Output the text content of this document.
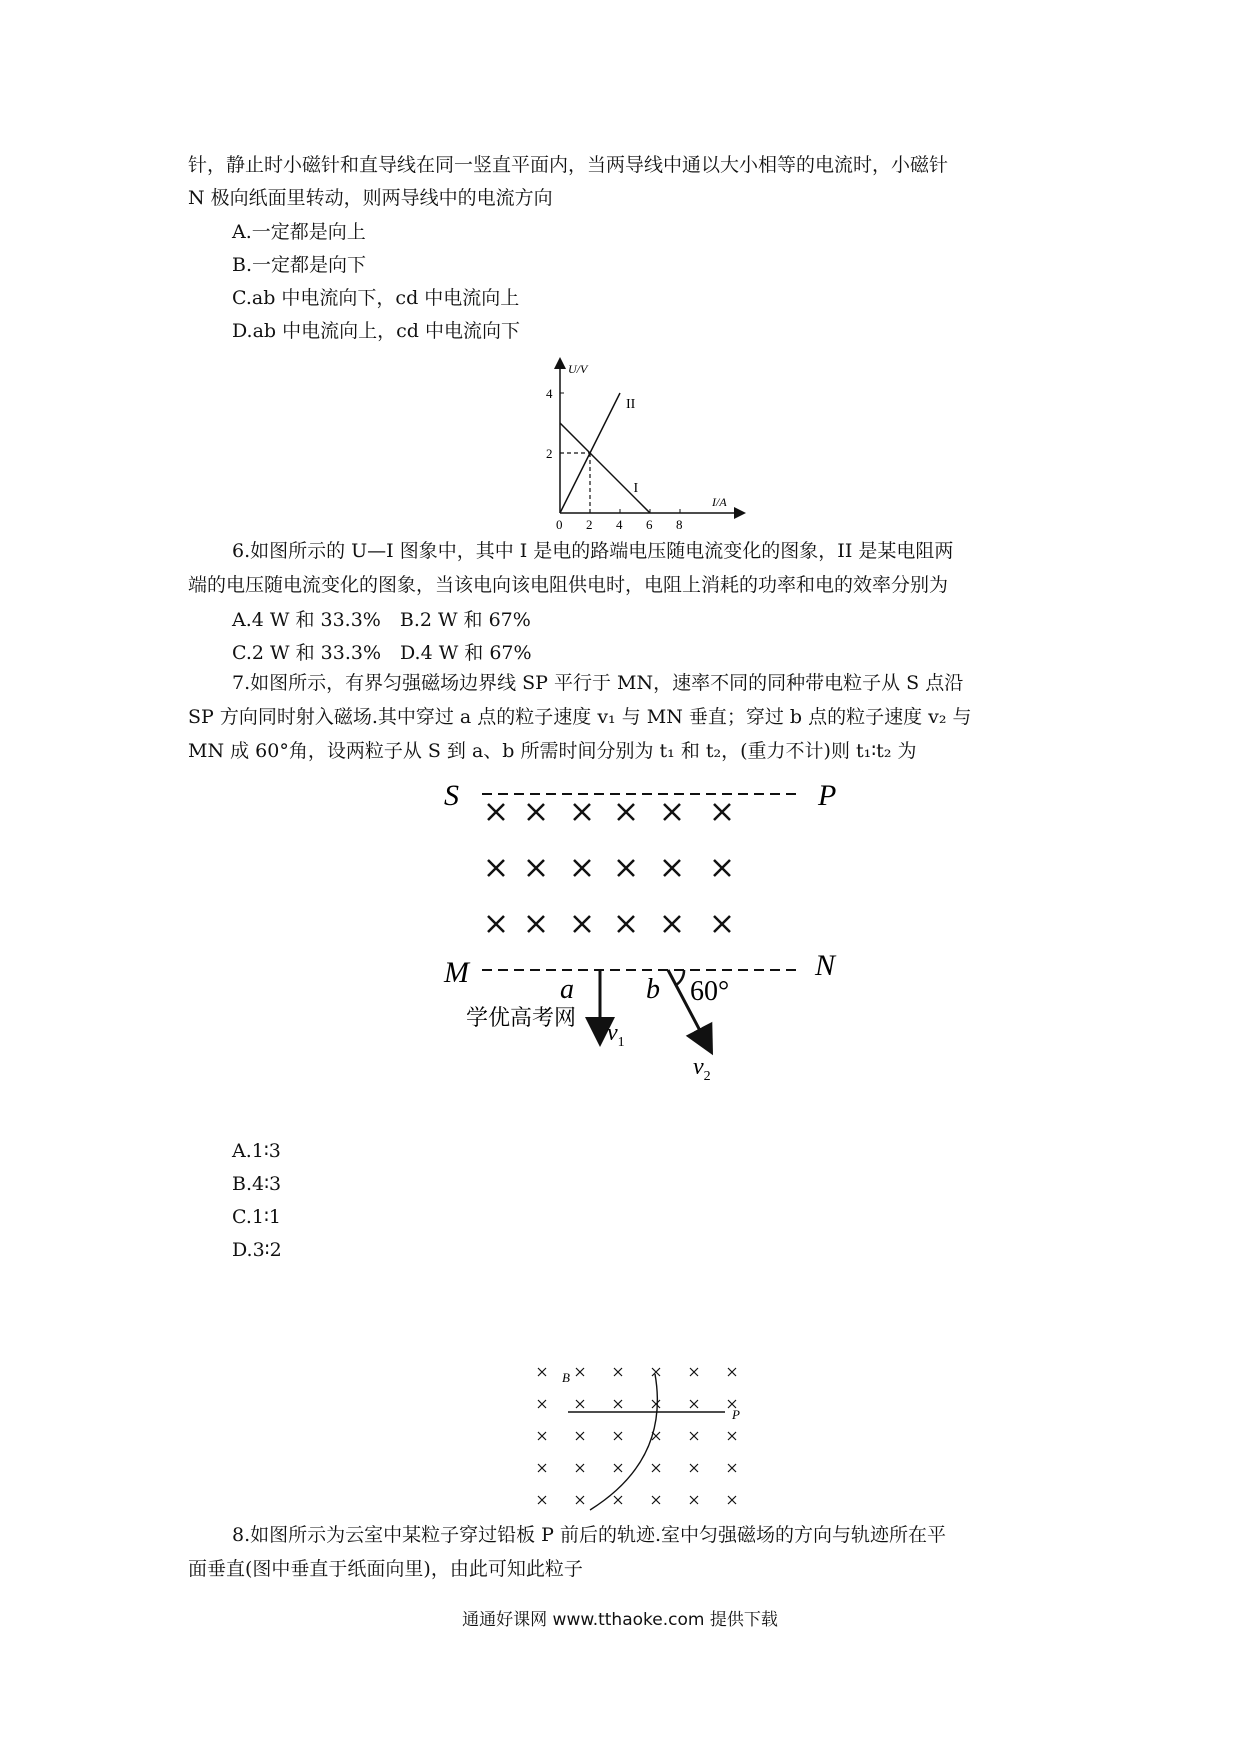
针，静止时小磁针和直导线在同一竖直平面内，当两导线中通以大小相等的电流时，小磁针
N 极向纸面里转动，则两导线中的电流方向
A.一定都是向上
B.一定都是向下
C.ab 中电流向下，cd 中电流向上
D.ab 中电流向上，cd 中电流向下
U/V
I/A
0 2 4 6 8
2
4
I
II
6.如图所示的 U—I 图象中，其中 I 是电的路端电压随电流变化的图象，II 是某电阻两
端的电压随电流变化的图象，当该电向该电阻供电时，电阻上消耗的功率和电的效率分别为
A.4 W 和 33.3%　B.2 W 和 67%
C.2 W 和 33.3%　D.4 W 和 67%
7.如图所示，有界匀强磁场边界线 SP 平行于 MN，速率不同的同种带电粒子从 S 点沿
SP 方向同时射入磁场.其中穿过 a 点的粒子速度 v₁ 与 MN 垂直；穿过 b 点的粒子速度 v₂ 与
MN 成 60°角，设两粒子从 S 到 a、b 所需时间分别为 t₁ 和 t₂，(重力不计)则 t₁∶t₂ 为
S	P
M	N
a	b 60°
学优高考网
$v_1$
$v_2$
A.1∶3
B.4∶3
C.1∶1
D.3∶2
B
P
8.如图所示为云室中某粒子穿过铅板 P 前后的轨迹.室中匀强磁场的方向与轨迹所在平
面垂直(图中垂直于纸面向里)，由此可知此粒子
通通好课网 www.tthaoke.com 提供下载
